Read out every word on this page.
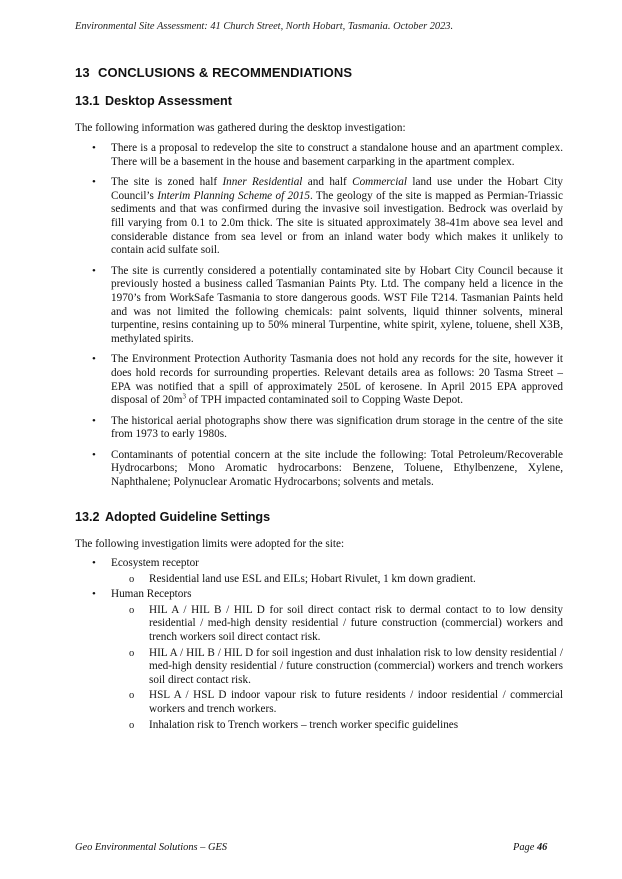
Environmental Site Assessment: 41 Church Street, North Hobart, Tasmania. October 2023.
13 CONCLUSIONS & RECOMMENDIATIONS
13.1 Desktop Assessment
The following information was gathered during the desktop investigation:
• There is a proposal to redevelop the site to construct a standalone house and an apartment complex. There will be a basement in the house and basement carparking in the apartment complex.
• The site is zoned half Inner Residential and half Commercial land use under the Hobart City Council’s Interim Planning Scheme of 2015. The geology of the site is mapped as Permian-Triassic sediments and that was confirmed during the invasive soil investigation. Bedrock was overlaid by fill varying from 0.1 to 2.0m thick. The site is situated approximately 38-41m above sea level and considerable distance from sea level or from an inland water body which makes it unlikely to contain acid sulfate soil.
• The site is currently considered a potentially contaminated site by Hobart City Council because it previously hosted a business called Tasmanian Paints Pty. Ltd. The company held a licence in the 1970’s from WorkSafe Tasmania to store dangerous goods. WST File T214. Tasmanian Paints held and was not limited the following chemicals: paint solvents, liquid thinner solvents, mineral turpentine, resins containing up to 50% mineral Turpentine, white spirit, xylene, toluene, shell X3B, methylated spirits.
• The Environment Protection Authority Tasmania does not hold any records for the site, however it does hold records for surrounding properties. Relevant details area as follows: 20 Tasma Street – EPA was notified that a spill of approximately 250L of kerosene. In April 2015 EPA approved disposal of $20m^3$ of TPH impacted contaminated soil to Copping Waste Depot.
• The historical aerial photographs show there was signification drum storage in the centre of the site from 1973 to early 1980s.
• Contaminants of potential concern at the site include the following: Total Petroleum/Recoverable Hydrocarbons; Mono Aromatic hydrocarbons: Benzene, Toluene, Ethylbenzene, Xylene, Naphthalene; Polynuclear Aromatic Hydrocarbons; solvents and metals.
13.2 Adopted Guideline Settings
The following investigation limits were adopted for the site:
• Ecosystem receptor
o Residential land use ESL and EILs; Hobart Rivulet, 1 km down gradient.
• Human Receptors
o HIL A / HIL B / HIL D for soil direct contact risk to dermal contact to to low density residential / med-high density residential / future construction (commercial) workers and trench workers soil direct contact risk.
o HIL A / HIL B / HIL D for soil ingestion and dust inhalation risk to low density residential / med-high density residential / future construction (commercial) workers and trench workers soil direct contact risk.
o HSL A / HSL D indoor vapour risk to future residents / indoor residential / commercial workers and trench workers.
o Inhalation risk to Trench workers – trench worker specific guidelines
Geo Environmental Solutions – GES	Page 46
